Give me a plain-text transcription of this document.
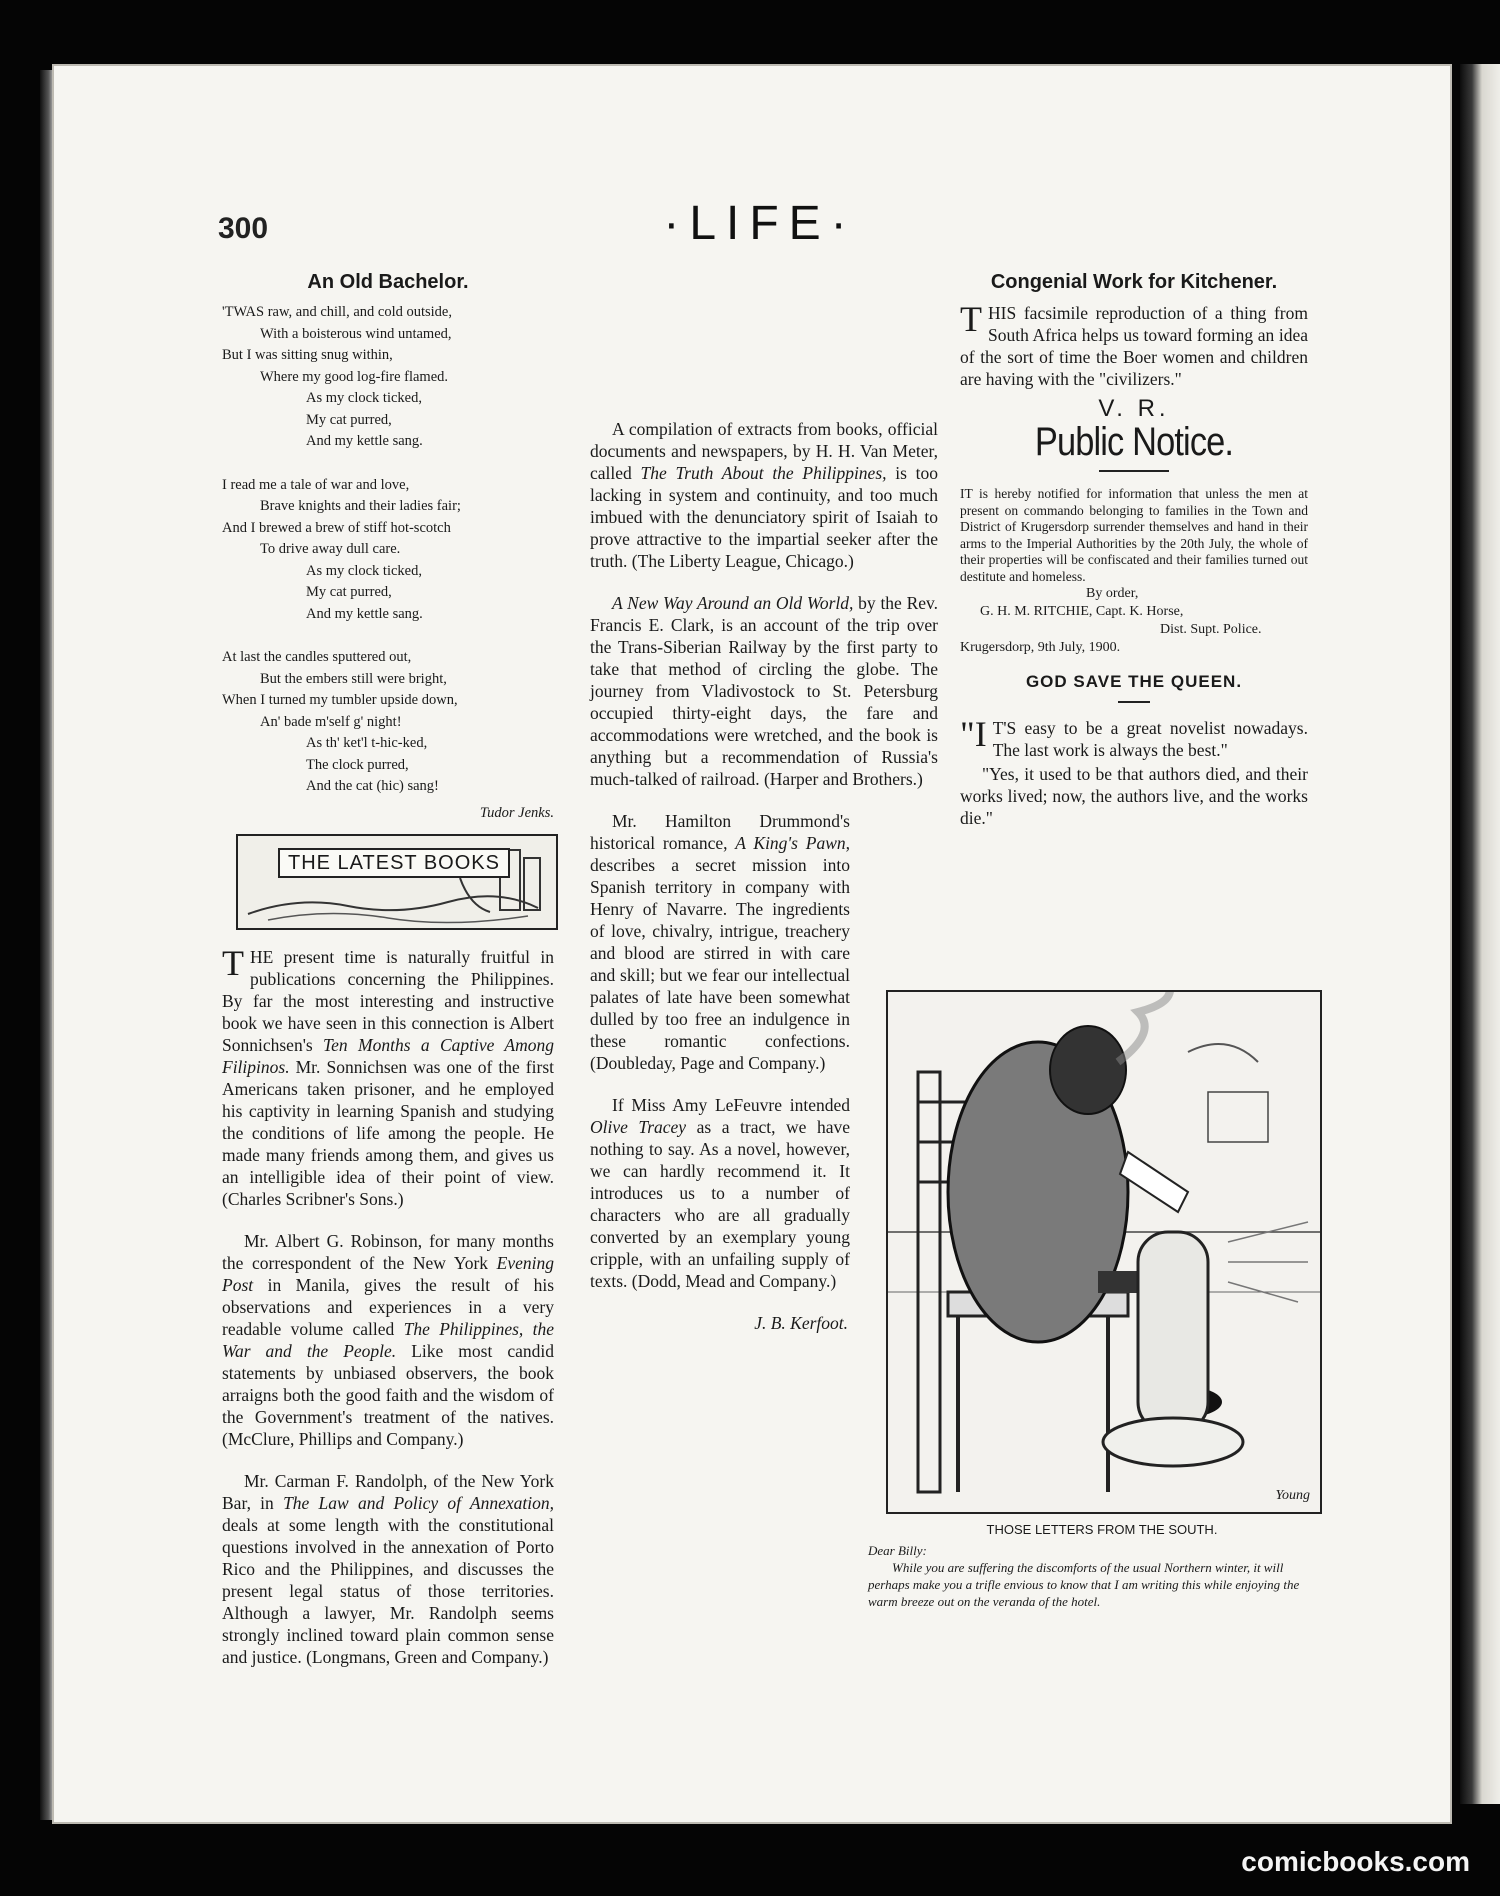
300	·LIFE·
An Old Bachelor.
'TWAS raw, and chill, and cold outside,
With a boisterous wind untamed,
But I was sitting snug within,
Where my good log-fire flamed.
As my clock ticked,
My cat purred,
And my kettle sang.
I read me a tale of war and love,
Brave knights and their ladies fair;
And I brewed a brew of stiff hot-scotch
To drive away dull care.
As my clock ticked,
My cat purred,
And my kettle sang.
At last the candles sputtered out,
But the embers still were bright,
When I turned my tumbler upside down,
An' bade m'self g' night!
As th' ket'l t-hic-ked,
The clock purred,
And the cat (hic) sang!
Tudor Jenks.
THE LATEST BOOKS

THE present time is naturally fruitful in publications concerning the Philippines. By far the most interesting and instructive book we have seen in this connection is Albert Sonnichsen's Ten Months a Captive Among Filipinos. Mr. Sonnichsen was one of the first Americans taken prisoner, and he employed his captivity in learning Spanish and studying the conditions of life among the people. He made many friends among them, and gives us an intelligible idea of their point of view. (Charles Scribner's Sons.)

Mr. Albert G. Robinson, for many months the correspondent of the New York Evening Post in Manila, gives the result of his observations and experiences in a very readable volume called The Philippines, the War and the People. Like most candid statements by unbiased observers, the book arraigns both the good faith and the wisdom of the Government's treatment of the natives. (McClure, Phillips and Company.)

Mr. Carman F. Randolph, of the New York Bar, in The Law and Policy of Annexation, deals at some length with the constitutional questions involved in the annexation of Porto Rico and the Philippines, and discusses the present legal status of those territories. Although a lawyer, Mr. Randolph seems strongly inclined toward plain common sense and justice. (Longmans, Green and Company.)

A compilation of extracts from books, official documents and newspapers, by H. H. Van Meter, called The Truth About the Philippines, is too lacking in system and continuity, and too much imbued with the denunciatory spirit of Isaiah to prove attractive to the impartial seeker after the truth. (The Liberty League, Chicago.)

A New Way Around an Old World, by the Rev. Francis E. Clark, is an account of the trip over the Trans-Siberian Railway by the first party to take that method of circling the globe. The journey from Vladivostock to St. Petersburg occupied thirty-eight days, the fare and accommodations were wretched, and the book is anything but a recommendation of Russia's much-talked of railroad. (Harper and Brothers.)

Mr. Hamilton Drummond's historical romance, A King's Pawn, describes a secret mission into Spanish territory in company with Henry of Navarre. The ingredients of love, chivalry, intrigue, treachery and blood are stirred in with care and skill; but we fear our intellectual palates of late have been somewhat dulled by too free an indulgence in these romantic confections. (Doubleday, Page and Company.)

If Miss Amy LeFeuvre intended Olive Tracey as a tract, we have nothing to say. As a novel, however, we can hardly recommend it. It introduces us to a number of characters who are all gradually converted by an exemplary young cripple, with an unfailing supply of texts. (Dodd, Mead and Company.)

J. B. Kerfoot.
Congenial Work for Kitchener.

THIS facsimile reproduction of a thing from South Africa helps us toward forming an idea of the sort of time the Boer women and children are having with the "civilizers."

V. R.
Public Notice.
IT is hereby notified for information that unless the men at present on commando belonging to families in the Town and District of Krugersdorp surrender themselves and hand in their arms to the Imperial Authorities by the 20th July, the whole of their properties will be confiscated and their families turned out destitute and homeless.
By order,
G. H. M. RITCHIE, Capt. K. Horse,
Dist. Supt. Police.
Krugersdorp, 9th July, 1900.
GOD SAVE THE QUEEN.

"I T'S easy to be a great novelist nowadays. The last work is always the best."

"Yes, it used to be that authors died, and their works lived; now, the authors live, and the works die."

Young
THOSE LETTERS FROM THE SOUTH.
Dear Billy:
While you are suffering the discomforts of the usual Northern winter, it will perhaps make you a trifle envious to know that I am writing this while enjoying the warm breeze out on the veranda of the hotel.
comicbooks.com
